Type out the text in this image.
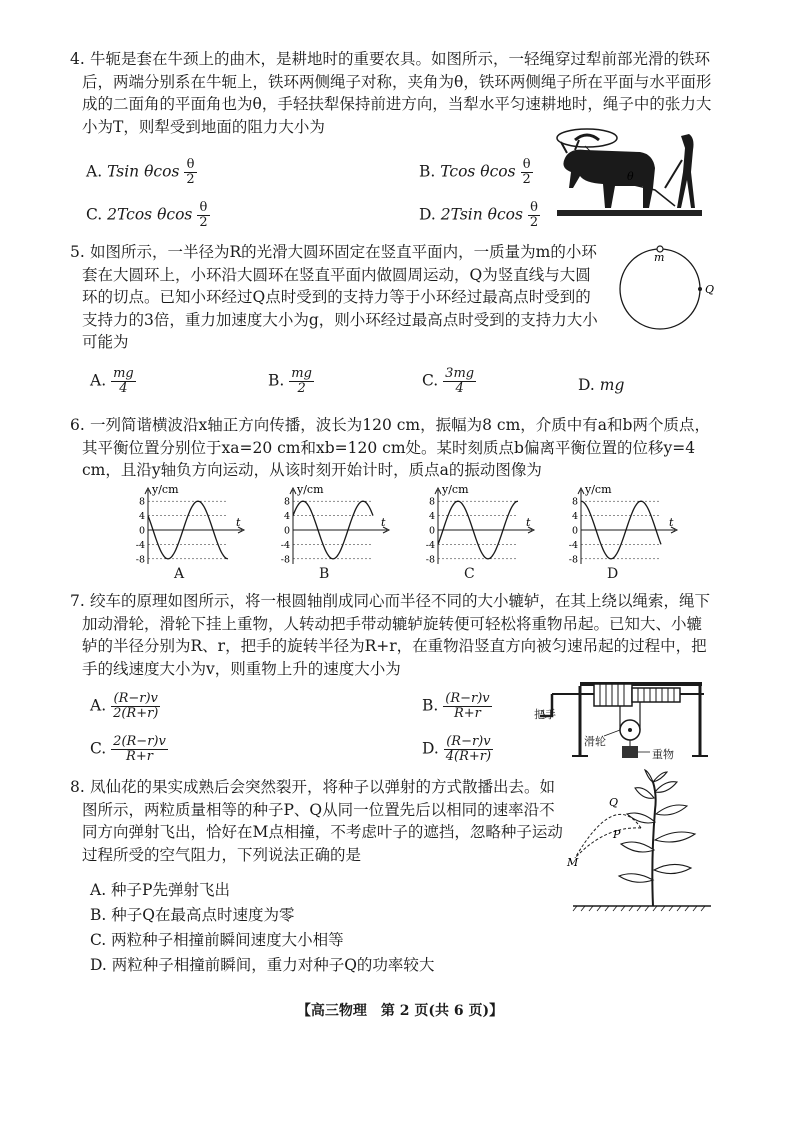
4. 牛轭是套在牛颈上的曲木，是耕地时的重要农具。如图所示，一轻绳穿过犁前部光滑的铁环后，两端分别系在牛轭上，铁环两侧绳子对称，夹角为θ，铁环两侧绳子所在平面与水平面形成的二面角的平面角也为θ，手轻扶犁保持前进方向，当犁水平匀速耕地时，绳子中的张力大小为T，则犁受到地面的阻力大小为
A. Tsin θcos $\frac{\theta}{2}$	B. Tcos θcos $\frac{\theta}{2}$
C. 2Tcos θcos $\frac{\theta}{2}$	D. 2Tsin θcos $\frac{\theta}{2}$
θ
5. 如图所示，一半径为R的光滑大圆环固定在竖直平面内，一质量为m的小环套在大圆环上，小环沿大圆环在竖直平面内做圆周运动，Q为竖直线与大圆环的切点。已知小环经过Q点时受到的支持力等于小环经过最高点时受到的支持力的3倍，重力加速度大小为g，则小环经过最高点时受到的支持力大小可能为
m
Q
A. $\frac{mg}{4}$	B. $\frac{mg}{2}$	C. $\frac{3mg}{4}$	D. mg
6. 一列简谐横波沿x轴正方向传播，波长为120 cm，振幅为8 cm，介质中有a和b两个质点，其平衡位置分别位于xa=20 cm和xb=120 cm处。某时刻质点b偏离平衡位置的位移y=4 cm，且沿y轴负方向运动，从该时刻开始计时，质点a的振动图像为
y/cm
t
8
4
0
-4
-8
A
y/cm
t
8
4
0
-4
-8
B
y/cm
t
8
4
0
-4
-8
C
y/cm
t
8
4
0
-4
-8
D
7. 绞车的原理如图所示，将一根圆轴削成同心而半径不同的大小辘轳，在其上绕以绳索，绳下加动滑轮，滑轮下挂上重物，人转动把手带动辘轳旋转便可轻松将重物吊起。已知大、小辘轳的半径分别为R、r，把手的旋转半径为R+r，在重物沿竖直方向被匀速吊起的过程中，把手的线速度大小为v，则重物上升的速度大小为
A. $\frac{(R-r)v}{2(R+r)}$	B. $\frac{(R-r)v}{R+r}$
C. $\frac{2(R-r)v}{R+r}$	D. $\frac{(R-r)v}{4(R+r)}$
把手
滑轮
重物
8. 凤仙花的果实成熟后会突然裂开，将种子以弹射的方式散播出去。如图所示，两粒质量相等的种子P、Q从同一位置先后以相同的速率沿不同方向弹射飞出，恰好在M点相撞，不考虑叶子的遮挡，忽略种子运动过程所受的空气阻力，下列说法正确的是
A. 种子P先弹射飞出
B. 种子Q在最高点时速度为零
C. 两粒种子相撞前瞬间速度大小相等
D. 两粒种子相撞前瞬间，重力对种子Q的功率较大
Q
P
M
【高三物理　第 2 页(共 6 页)】
